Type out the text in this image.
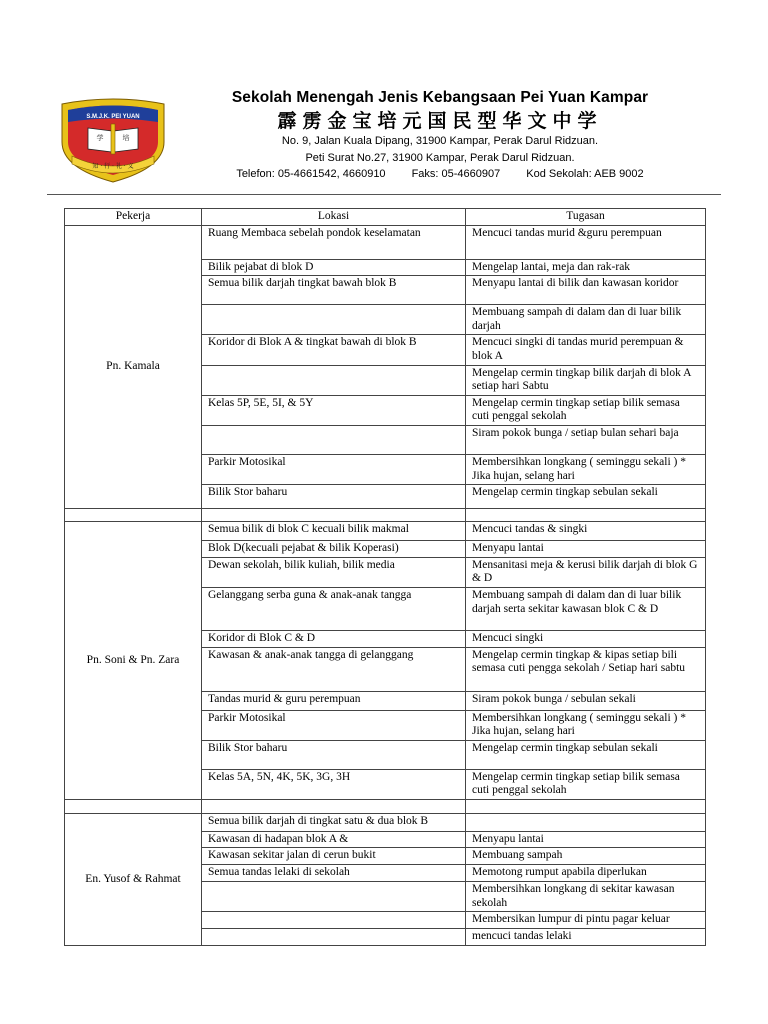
S.M.J.K. PEI YUAN
学	培
知 · 行 · 礼 · 义
Sekolah Menengah Jenis Kebangsaan Pei Yuan Kampar
霹雳金宝培元国民型华文中学
No. 9, Jalan Kuala Dipang, 31900 Kampar, Perak Darul Ridzuan.
Peti Surat No.27, 31900 Kampar, Perak Darul Ridzuan.
Telefon: 05-4661542, 4660910 Faks: 05-4660907 Kod Sekolah: AEB 9002
Pekerja	Lokasi	Tugasan
Pn. Kamala	Ruang Membaca sebelah pondok keselamatan	Mencuci tandas murid &guru perempuan
	Bilik pejabat di blok D	Mengelap lantai, meja dan rak-rak
	Semua bilik darjah tingkat bawah blok B	Menyapu lantai di bilik dan kawasan koridor
		Membuang sampah di dalam dan di luar bilik darjah
	Koridor di Blok A & tingkat bawah di blok B	Mencuci singki di tandas murid perempuan & blok A
		Mengelap cermin tingkap bilik darjah di blok A setiap hari Sabtu
	Kelas 5P, 5E, 5I, & 5Y	Mengelap cermin tingkap setiap bilik semasa cuti penggal sekolah
		Siram pokok bunga / setiap bulan sehari baja
	Parkir Motosikal	Membersihkan longkang ( seminggu sekali ) * Jika hujan, selang hari
	Bilik Stor baharu	Mengelap cermin tingkap sebulan sekali

Pn. Soni & Pn. Zara	Semua bilik di blok C kecuali bilik makmal	Mencuci tandas & singki
	Blok D(kecuali pejabat & bilik Koperasi)	Menyapu lantai
	Dewan sekolah, bilik kuliah, bilik media	Mensanitasi meja & kerusi bilik darjah di blok G & D
	Gelanggang serba guna & anak-anak tangga	Membuang sampah di dalam dan di luar bilik darjah serta sekitar kawasan blok C & D
	Koridor di Blok C & D	Mencuci singki
	Kawasan & anak-anak tangga di gelanggang	Mengelap cermin tingkap & kipas setiap bili semasa cuti pengga sekolah / Setiap hari sabtu
	Tandas murid & guru perempuan	Siram pokok bunga / sebulan sekali
	Parkir Motosikal	Membersihkan longkang ( seminggu sekali ) * Jika hujan, selang hari
	Bilik Stor baharu	Mengelap cermin tingkap sebulan sekali
	Kelas 5A, 5N, 4K, 5K, 3G, 3H	Mengelap cermin tingkap setiap bilik semasa cuti penggal sekolah

En. Yusof & Rahmat	Semua bilik darjah di tingkat satu & dua blok B	
	Kawasan di hadapan blok A &	Menyapu lantai
	Kawasan sekitar jalan di cerun bukit	Membuang sampah
	Semua tandas lelaki di sekolah	Memotong rumput apabila diperlukan
		Membersihkan longkang di sekitar kawasan sekolah
		Membersikan lumpur di pintu pagar keluar
		mencuci tandas lelaki
